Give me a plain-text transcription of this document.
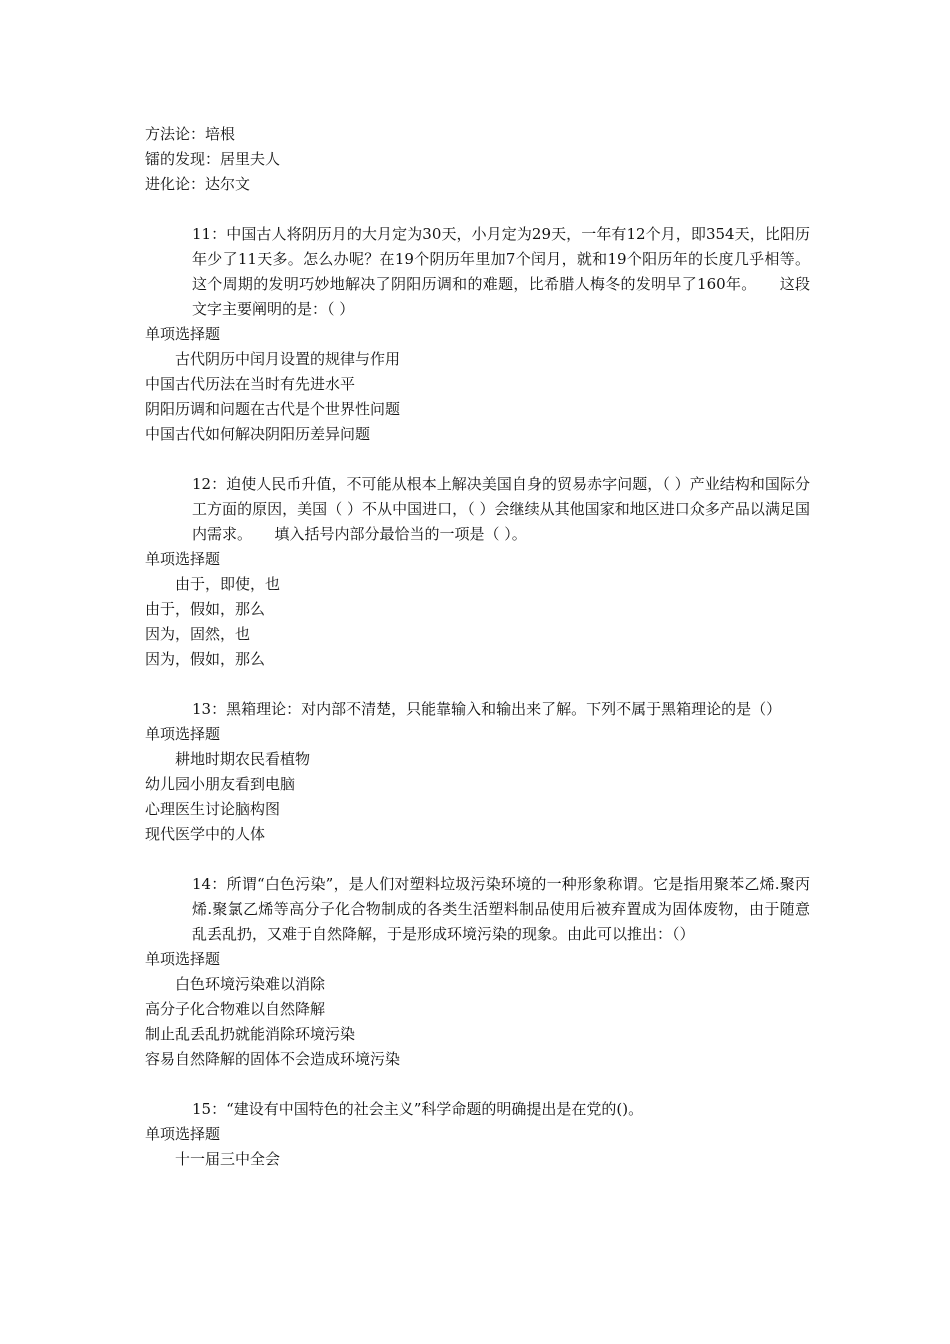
方法论：培根
镭的发现：居里夫人
进化论：达尔文
11：中国古人将阴历月的大月定为30天，小月定为29天，一年有12个月，即354天，比阳历年少了11天多。怎么办呢？在19个阴历年里加7个闰月，就和19个阳历年的长度几乎相等。这个周期的发明巧妙地解决了阴阳历调和的难题，比希腊人梅冬的发明早了160年。　　这段文字主要阐明的是：（ ）
单项选择题
古代阴历中闰月设置的规律与作用
中国古代历法在当时有先进水平
阴阳历调和问题在古代是个世界性问题
中国古代如何解决阴阳历差异问题
12：迫使人民币升值，不可能从根本上解决美国自身的贸易赤字问题，（ ）产业结构和国际分工方面的原因，美国（ ）不从中国进口，（ ）会继续从其他国家和地区进口众多产品以满足国内需求。　　填入括号内部分最恰当的一项是（ ）。
单项选择题
由于，即使，也
由于，假如，那么
因为，固然，也
因为，假如，那么
13：黑箱理论：对内部不清楚，只能靠输入和输出来了解。下列不属于黑箱理论的是（）
单项选择题
耕地时期农民看植物
幼儿园小朋友看到电脑
心理医生讨论脑构图
现代医学中的人体
14：所谓“白色污染”，是人们对塑料垃圾污染环境的一种形象称谓。它是指用聚苯乙烯.聚丙烯.聚氯乙烯等高分子化合物制成的各类生活塑料制品使用后被弃置成为固体废物，由于随意乱丢乱扔，又难于自然降解，于是形成环境污染的现象。由此可以推出：（）
单项选择题
白色环境污染难以消除
高分子化合物难以自然降解
制止乱丢乱扔就能消除环境污染
容易自然降解的固体不会造成环境污染
15：“建设有中国特色的社会主义”科学命题的明确提出是在党的()。
单项选择题
十一届三中全会
